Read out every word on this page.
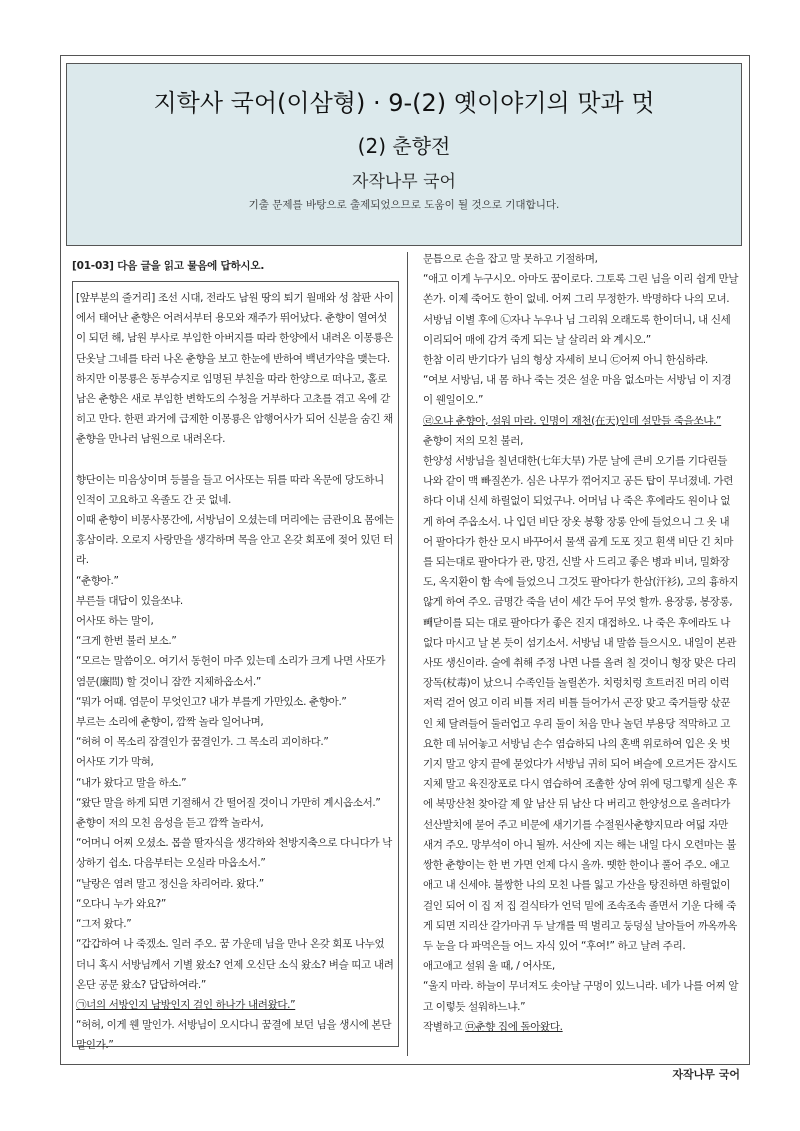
지학사 국어(이삼형) · 9-(2) 옛이야기의 맛과 멋
(2) 춘향전
자작나무 국어
기출 문제를 바탕으로 출제되었으므로 도움이 될 것으로 기대합니다.
[01-03] 다음 글을 읽고 물음에 답하시오.

[앞부분의 줄거리] 조선 시대, 전라도 남원 땅의 퇴기 월매와 성 참판 사이에서 태어난 춘향은 어려서부터 용모와 재주가 뛰어났다. 춘향이 열여섯이 되던 해, 남원 부사로 부임한 아버지를 따라 한양에서 내려온 이몽룡은 단옷날 그네를 타러 나온 춘향을 보고 한눈에 반하여 백년가약을 맺는다. 하지만 이몽룡은 동부승지로 임명된 부친을 따라 한양으로 떠나고, 홀로 남은 춘향은 새로 부임한 변학도의 수청을 거부하다 고초를 겪고 옥에 갇히고 만다. 한편 과거에 급제한 이몽룡은 암행어사가 되어 신분을 숨긴 채 춘향을 만나러 남원으로 내려온다.

향단이는 미음상이며 등불을 들고 어사또는 뒤를 따라 옥문에 당도하니 인적이 고요하고 옥졸도 간 곳 없네.

이때 춘향이 비몽사몽간에, 서방님이 오셨는데 머리에는 금관이요 몸에는 홍삼이라. 오로지 사랑만을 생각하며 목을 안고 온갖 회포에 젖어 있던 터라.

“춘향아.”

부른들 대답이 있을쏘냐.

어사또 하는 말이,

“크게 한번 불러 보소.”

“모르는 말씀이오. 여기서 동헌이 마주 있는데 소리가 크게 나면 사또가 염문(廉問) 할 것이니 잠깐 지체하옵소서.”

“뭐가 어때. 염문이 무엇인고? 내가 부를게 가만있소. 춘향아.”

부르는 소리에 춘향이, 깜짝 놀라 일어나며,

“허허 이 목소리 잠결인가 꿈결인가. 그 목소리 괴이하다.”

어사또 기가 막혀,

“내가 왔다고 말을 하소.”

“왔단 말을 하게 되면 기절해서 간 떨어질 것이니 가만히 계시옵소서.”

춘향이 저의 모친 음성을 듣고 깜짝 놀라서,

“어머니 어찌 오셨소. 몹쓸 딸자식을 생각하와 천방지축으로 다니다가 낙상하기 쉽소. 다음부터는 오실라 마옵소서.”

“날랑은 염려 말고 정신을 차리어라. 왔다.”

“오다니 누가 와요?”

“그저 왔다.”

“갑갑하여 나 죽겠소. 일러 주오. 꿈 가운데 님을 만나 온갖 회포 나누었더니 혹시 서방님께서 기별 왔소? 언제 오신단 소식 왔소? 벼슬 띠고 내려온단 공문 왔소? 답답하여라.”

㉠너의 서방인지 남방인지 걸인 하나가 내려왔다.”

“허허, 이게 웬 말인가. 서방님이 오시다니 꿈결에 보던 님을 생시에 본단 말인가.”

문틈으로 손을 잡고 말 못하고 기절하며,

“애고 이게 누구시오. 아마도 꿈이로다. 그토록 그린 님을 이리 쉽게 만날쏜가. 이제 죽어도 한이 없네. 어찌 그리 무정한가. 박명하다 나의 모녀. 서방님 이별 후에 ㉡자나 누우나 님 그리워 오래도록 한이더니, 내 신세 이리되어 매에 감겨 죽게 되는 날 살리러 와 계시오.”

한참 이리 반기다가 님의 형상 자세히 보니 ㉢어찌 아니 한심하랴.

“여보 서방님, 내 몸 하나 죽는 것은 설운 마음 없소마는 서방님 이 지경이 웬일이오.”

㉣오냐 춘향아, 설워 마라. 인명이 재천(在天)인데 설만들 죽을쏘냐.”

춘향이 저의 모친 불러,

한양성 서방님을 칠년대한(七年大旱) 가문 날에 큰비 오기를 기다린들 나와 같이 맥 빠질쏜가. 심은 나무가 꺾어지고 공든 탑이 무너졌네. 가련하다 이내 신세 하릴없이 되었구나. 어머님 나 죽은 후에라도 원이나 없게 하여 주옵소서. 나 입던 비단 장옷 봉황 장롱 안에 들었으니 그 옷 내어 팔아다가 한산 모시 바꾸어서 물색 곱게 도포 짓고 흰색 비단 긴 치마를 되는대로 팔아다가 관, 망건, 신발 사 드리고 좋은 병과 비녀, 밀화장도, 옥지환이 함 속에 들었으니 그것도 팔아다가 한삼(汗衫), 고의 흉하지 않게 하여 주오. 금명간 죽을 년이 세간 두어 무엇 할까. 용장롱, 봉장롱, 빼닫이를 되는 대로 팔아다가 좋은 진지 대접하오. 나 죽은 후에라도 나 없다 마시고 날 본 듯이 섬기소서. 서방님 내 말씀 들으시오. 내일이 본관 사또 생신이라. 술에 취해 주정 나면 나를 올려 칠 것이니 형장 맞은 다리 장독(杖毒)이 났으니 수족인들 놀릴쏜가. 치렁치렁 흐트러진 머리 이럭저럭 걷어 얹고 이리 비틀 저리 비틀 들어가서 곤장 맞고 죽거들랑 삯꾼인 체 달려들어 둘러업고 우리 둘이 처음 만나 놀던 부용당 적막하고 고요한 데 뉘어놓고 서방님 손수 염습하되 나의 혼백 위로하여 입은 옷 벗기지 말고 양지 끝에 묻었다가 서방님 귀히 되어 벼슬에 오르거든 잠시도 지체 말고 육진장포로 다시 염습하여 조촐한 상여 위에 덩그렇게 실은 후에 북망산천 찾아갈 제 앞 남산 뒤 남산 다 버리고 한양성으로 올려다가 선산발치에 묻어 주고 비문에 새기기를 수절원사춘향지묘라 여덟 자만 새겨 주오. 망부석이 아니 될까. 서산에 지는 해는 내일 다시 오련마는 불쌍한 춘향이는 한 번 가면 언제 다시 올까. 뗏한 한이나 풀어 주오. 애고애고 내 신세야. 불쌍한 나의 모친 나를 잃고 가산을 탕진하면 하릴없이 걸인 되어 이 집 저 집 걸식타가 언덕 밑에 조속조속 졸면서 기운 다해 죽게 되면 지리산 갈가마귀 두 날개를 떡 벌리고 둥덩실 날아들어 까옥까옥 두 눈을 다 파먹은들 어느 자식 있어 “후여!” 하고 날려 주리.

애고애고 설워 울 때, / 어사또,

“울지 마라. 하늘이 무너져도 솟아날 구멍이 있느니라. 네가 나를 어찌 알고 이렇듯 설워하느냐.”

작별하고 ㉤춘향 집에 돌아왔다.

자작나무 국어
